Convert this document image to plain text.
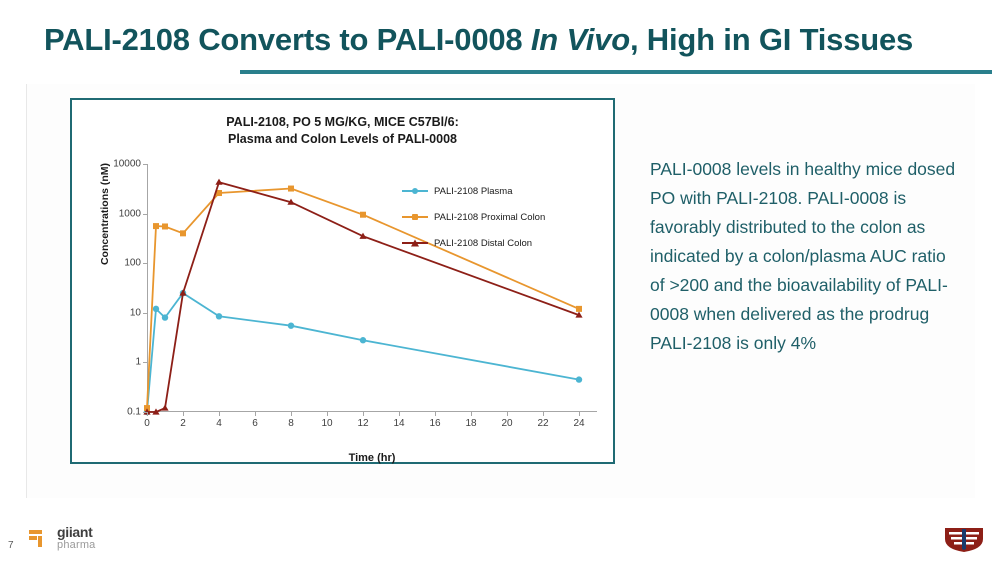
PALI-2108 Converts to PALI-0008 In Vivo, High in GI Tissues
PALI-2108, PO 5 MG/KG, MICE C57Bl/6:
Plasma and Colon Levels of PALI-0008
Concentrations (nM) 10000
1000
100
10
1
0.1
0	2	4	6	8	10 12 14 16 18 20 22 24
Time (hr)
PALI-2108 Plasma
PALI-2108 Proximal Colon
PALI-2108 Distal Colon
PALI-0008 levels in healthy mice dosed PO with PALI-2108. PALI-0008 is favorably distributed to the colon as indicated by a colon/plasma AUC ratio of >200 and the bioavailability of PALI-0008 when delivered as the prodrug PALI-2108 is only 4%
7
giiant
pharma
